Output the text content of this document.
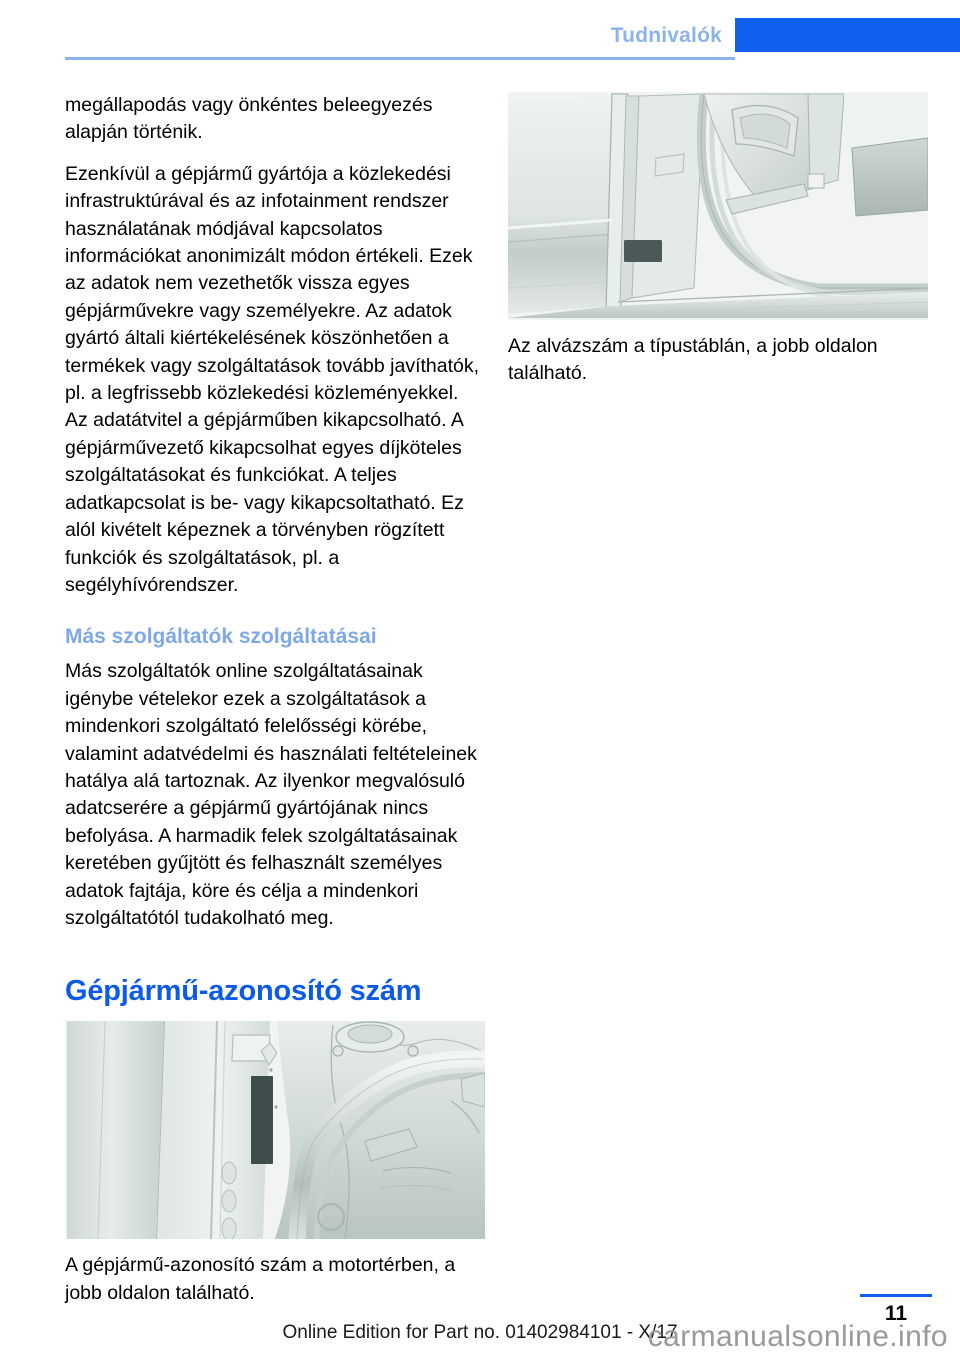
Tudnivalók

megállapodás vagy önkéntes beleegyezés alapján történik.

Ezenkívül a gépjármű gyártója a közlekedési infrastruktúrával és az infotainment rendszer használatának módjával kapcsolatos információkat anonimizált módon értékeli. Ezek az adatok nem vezethetők vissza egyes gépjárművekre vagy személyekre. Az adatok gyártó általi kiértékelésének köszönhetően a termékek vagy szolgáltatások tovább javíthatók, pl. a legfrissebb közlekedési közleményekkel. Az adatátvitel a gépjárműben kikapcsolható. A gépjárművezető kikapcsolhat egyes díjköteles szolgáltatásokat és funkciókat. A teljes adatkapcsolat is be- vagy kikapcsoltatható. Ez alól kivételt képeznek a törvényben rögzített funkciók és szolgáltatások, pl. a segélyhívórendszer.

Más szolgáltatók szolgáltatásai

Más szolgáltatók online szolgáltatásainak igénybe vételekor ezek a szolgáltatások a mindenkori szolgáltató felelősségi körébe, valamint adatvédelmi és használati feltételeinek hatálya alá tartoznak. Az ilyenkor megvalósuló adatcserére a gépjármű gyártójának nincs befolyása. A harmadik felek szolgáltatásainak keretében gyűjtött és felhasznált személyes adatok fajtája, köre és célja a mindenkori szolgáltatótól tudakolható meg.

Gépjármű-azonosító szám

A gépjármű-azonosító szám a motortérben, a jobb oldalon található.

Az alvázszám a típustáblán, a jobb oldalon található.

11
Online Edition for Part no. 01402984101 - X/17
carmanualsonline.info
